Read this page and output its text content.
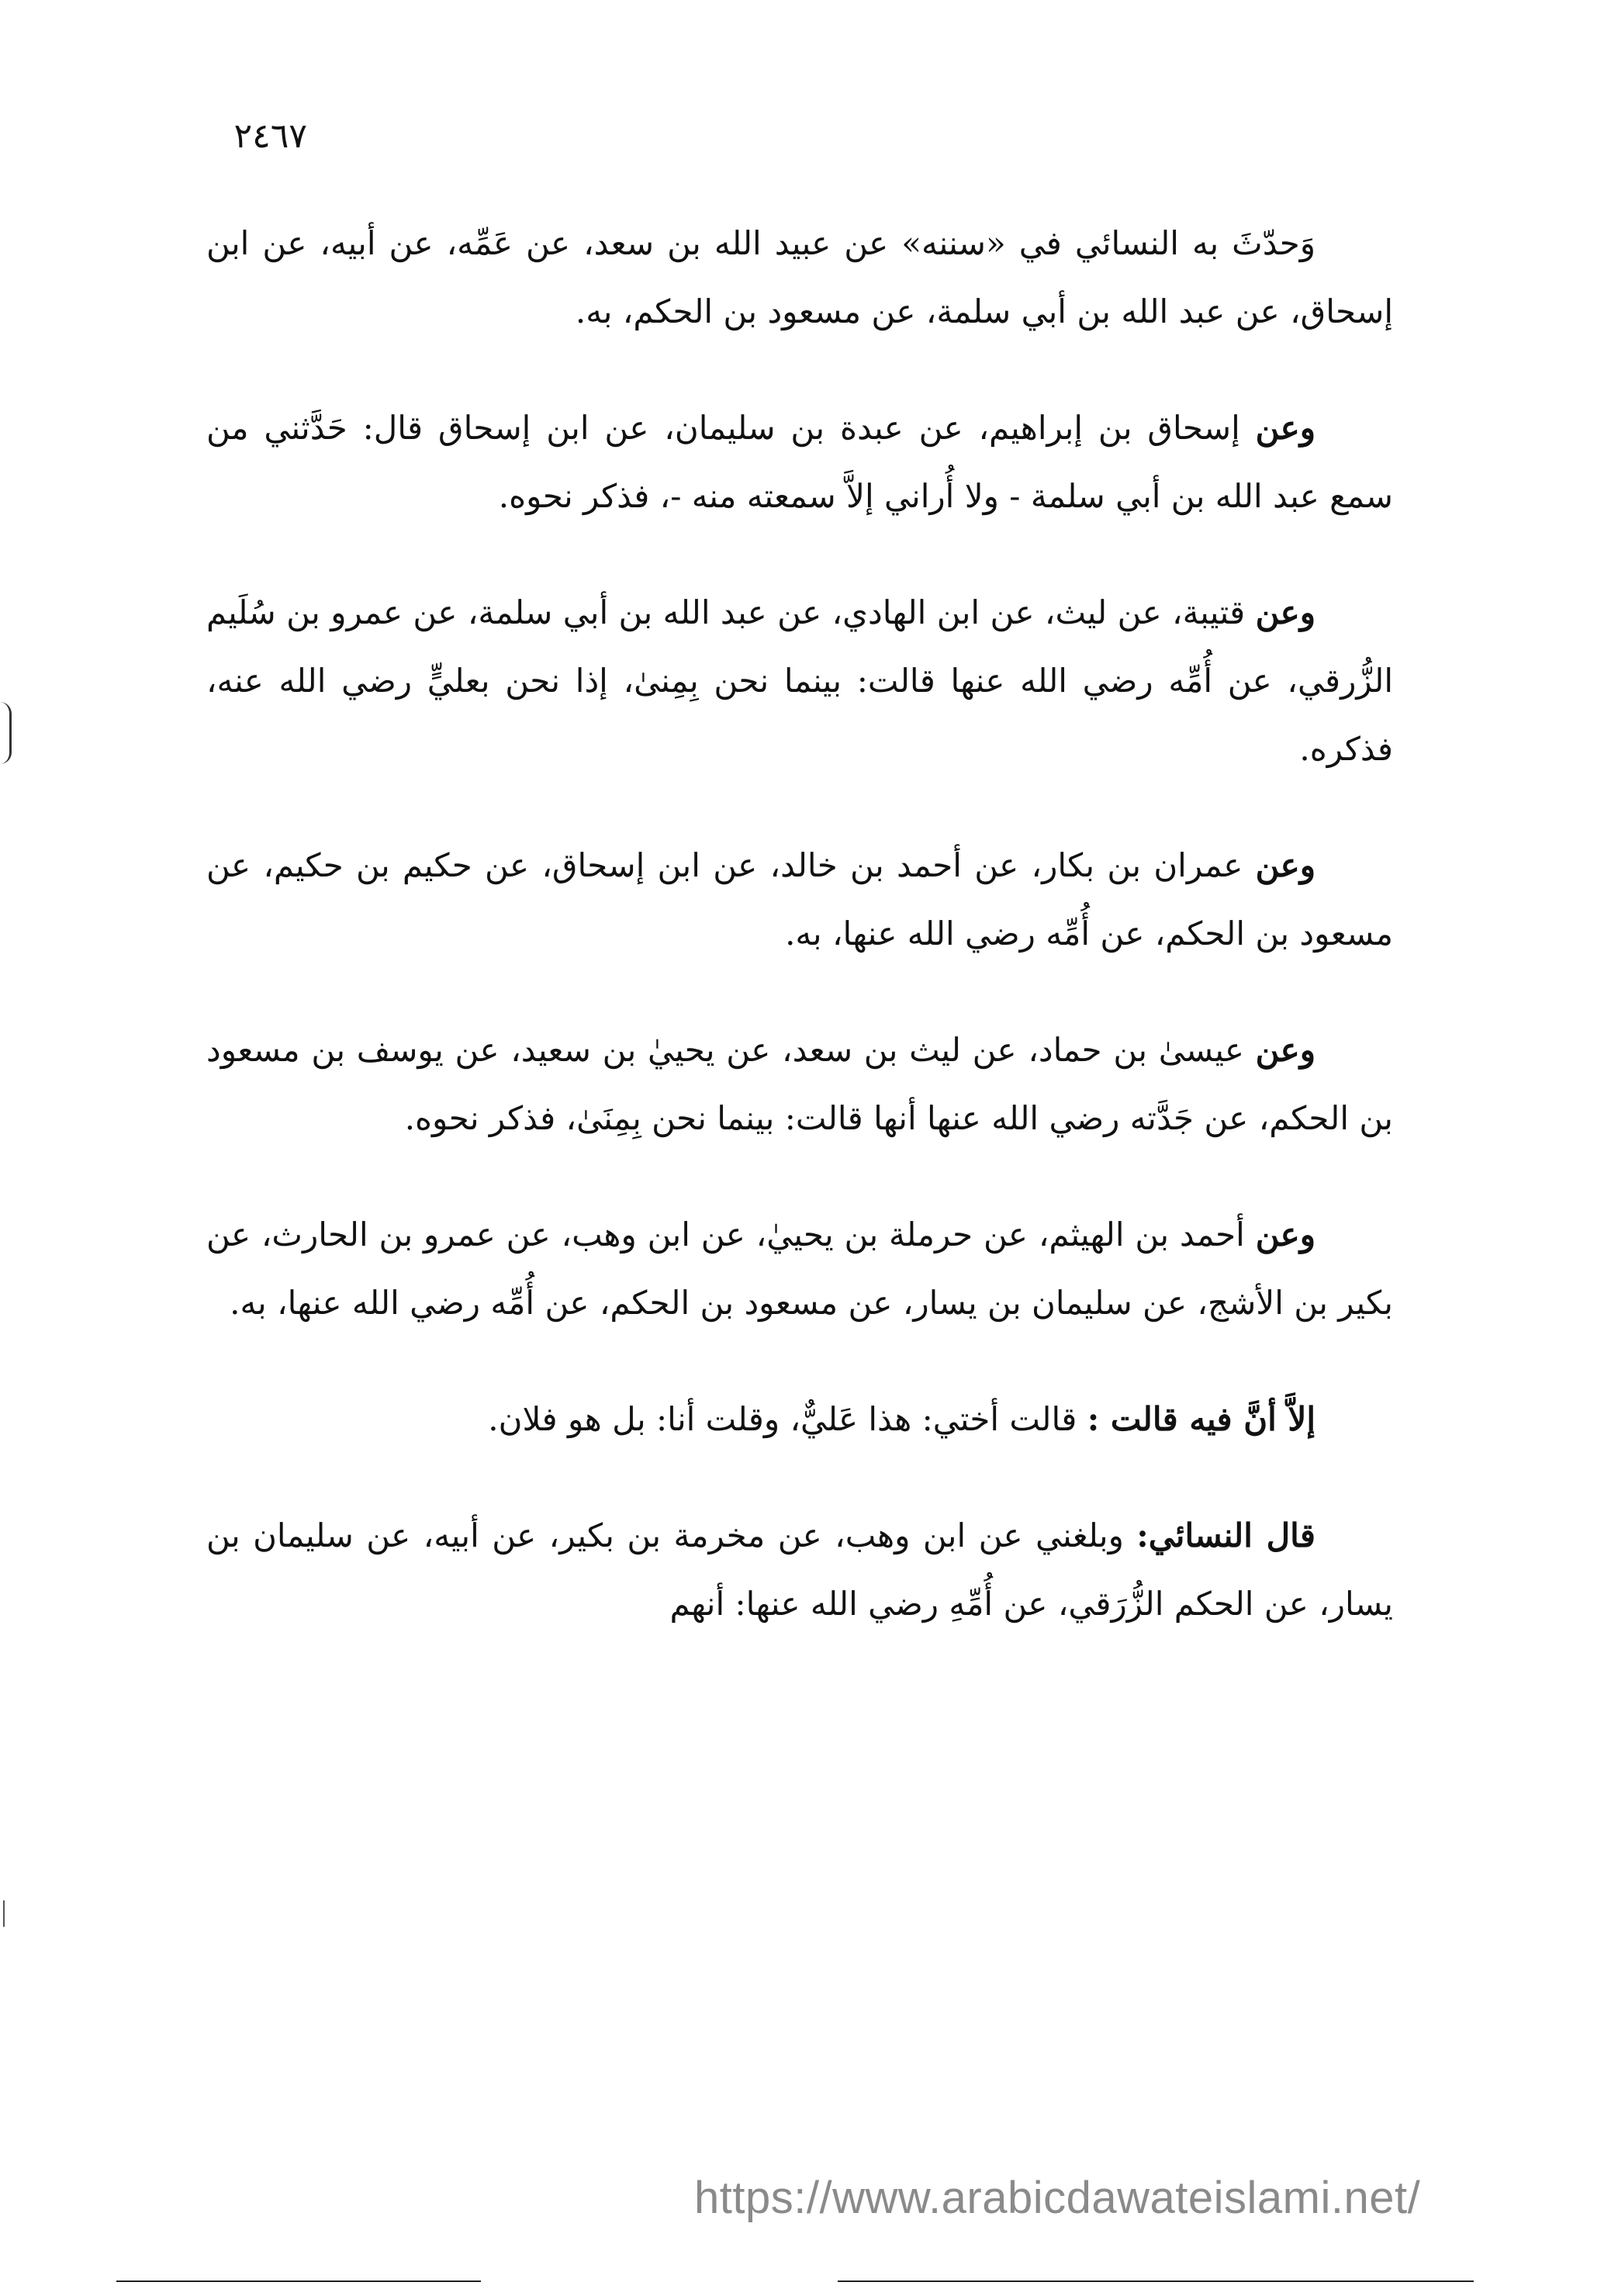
٢٤٦٧

وَحدّثَ به النسائي في «سننه» عن عبيد الله بن سعد، عن عَمِّه، عن أبيه، عن ابن إسحاق، عن عبد الله بن أبي سلمة، عن مسعود بن الحكم، به.

وعن إسحاق بن إبراهيم، عن عبدة بن سليمان، عن ابن إسحاق قال: حَدَّثني من سمع عبد الله بن أبي سلمة - ولا أُراني إلاَّ سمعته منه -، فذكر نحوه.

وعن قتيبة، عن ليث، عن ابن الهادي، عن عبد الله بن أبي سلمة، عن عمرو بن سُلَيم الزُّرقي، عن أُمِّه رضي الله عنها قالت: بينما نحن بِمِنىٰ، إذا نحن بعليٍّ رضي الله عنه، فذكره.

وعن عمران بن بكار، عن أحمد بن خالد، عن ابن إسحاق، عن حكيم بن حكيم، عن مسعود بن الحكم، عن أُمِّه رضي الله عنها، به.

وعن عيسىٰ بن حماد، عن ليث بن سعد، عن يحييٰ بن سعيد، عن يوسف بن مسعود بن الحكم، عن جَدَّته رضي الله عنها أنها قالت: بينما نحن بِمِنَىٰ، فذكر نحوه.

وعن أحمد بن الهيثم، عن حرملة بن يحييٰ، عن ابن وهب، عن عمرو بن الحارث، عن بكير بن الأشج، عن سليمان بن يسار، عن مسعود بن الحكم، عن أُمِّه رضي الله عنها، به.

إلاَّ أنَّ فيه قالت : قالت أختي: هذا عَليٌّ، وقلت أنا: بل هو فلان.

قال النسائي: وبلغني عن ابن وهب، عن مخرمة بن بكير، عن أبيه، عن سليمان بن يسار، عن الحكم الزُّرَقي، عن أُمِّهِ رضي الله عنها: أنهم

https://www.arabicdawateislami.net/
